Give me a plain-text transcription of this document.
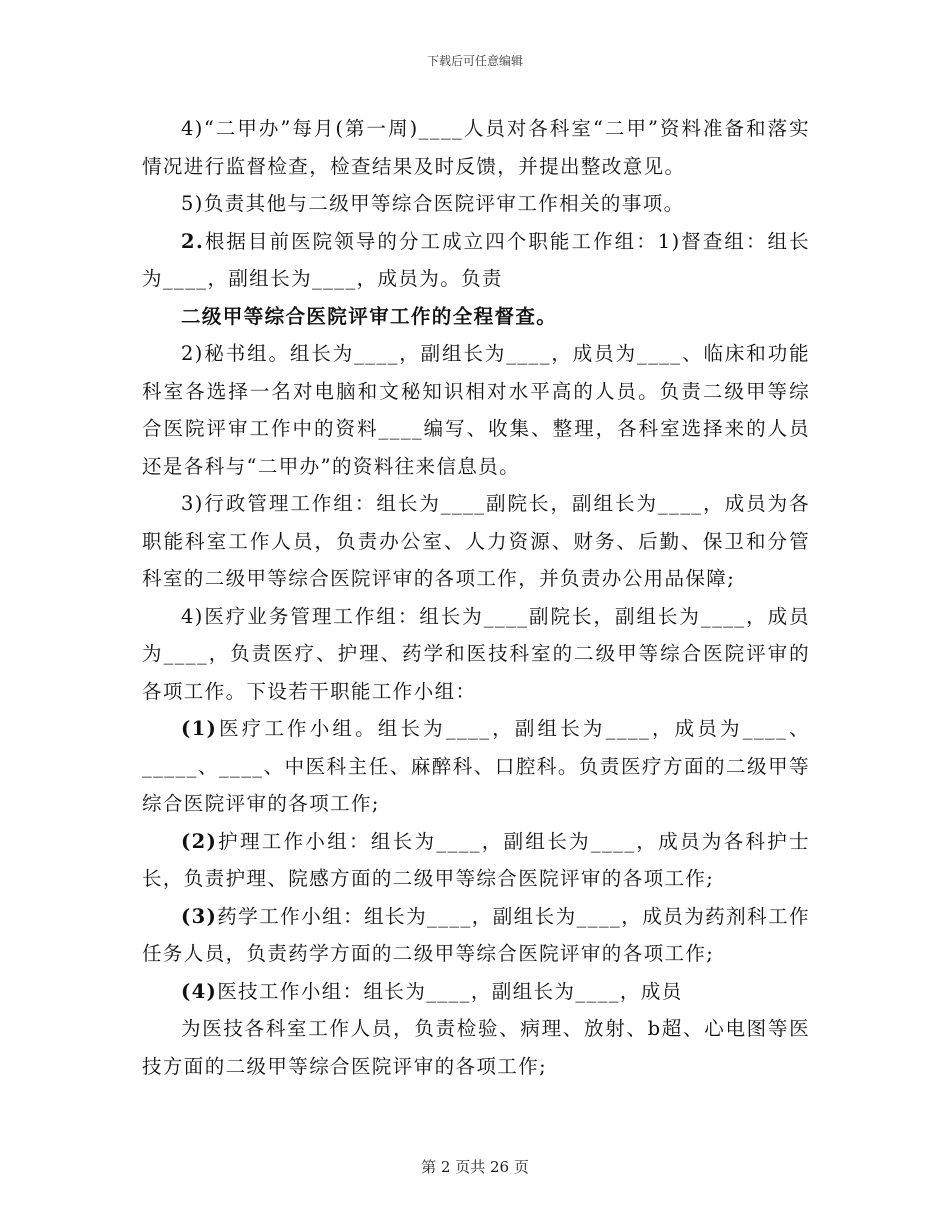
下载后可任意编辑

4)“二甲办”每月(第一周)____人员对各科室“二甲”资料准备和落实情况进行监督检查，检查结果及时反馈，并提出整改意见。

5)负责其他与二级甲等综合医院评审工作相关的事项。

2.根据目前医院领导的分工成立四个职能工作组：1)督查组：组长为____，副组长为____，成员为。负责

二级甲等综合医院评审工作的全程督查。

2)秘书组。组长为____，副组长为____，成员为____、临床和功能科室各选择一名对电脑和文秘知识相对水平高的人员。负责二级甲等综合医院评审工作中的资料____编写、收集、整理，各科室选择来的人员还是各科与“二甲办”的资料往来信息员。

3)行政管理工作组：组长为____副院长，副组长为____，成员为各职能科室工作人员，负责办公室、人力资源、财务、后勤、保卫和分管科室的二级甲等综合医院评审的各项工作，并负责办公用品保障;

4)医疗业务管理工作组：组长为____副院长，副组长为____，成员为____，负责医疗、护理、药学和医技科室的二级甲等综合医院评审的各项工作。下设若干职能工作小组：

(1)医疗工作小组。组长为____，副组长为____，成员为____、_____、____、中医科主任、麻醉科、口腔科。负责医疗方面的二级甲等综合医院评审的各项工作;

(2)护理工作小组：组长为____，副组长为____，成员为各科护士长，负责护理、院感方面的二级甲等综合医院评审的各项工作;

(3)药学工作小组：组长为____，副组长为____，成员为药剂科工作任务人员，负责药学方面的二级甲等综合医院评审的各项工作;

(4)医技工作小组：组长为____，副组长为____，成员

为医技各科室工作人员，负责检验、病理、放射、b超、心电图等医技方面的二级甲等综合医院评审的各项工作;

第 2 页共 26 页
